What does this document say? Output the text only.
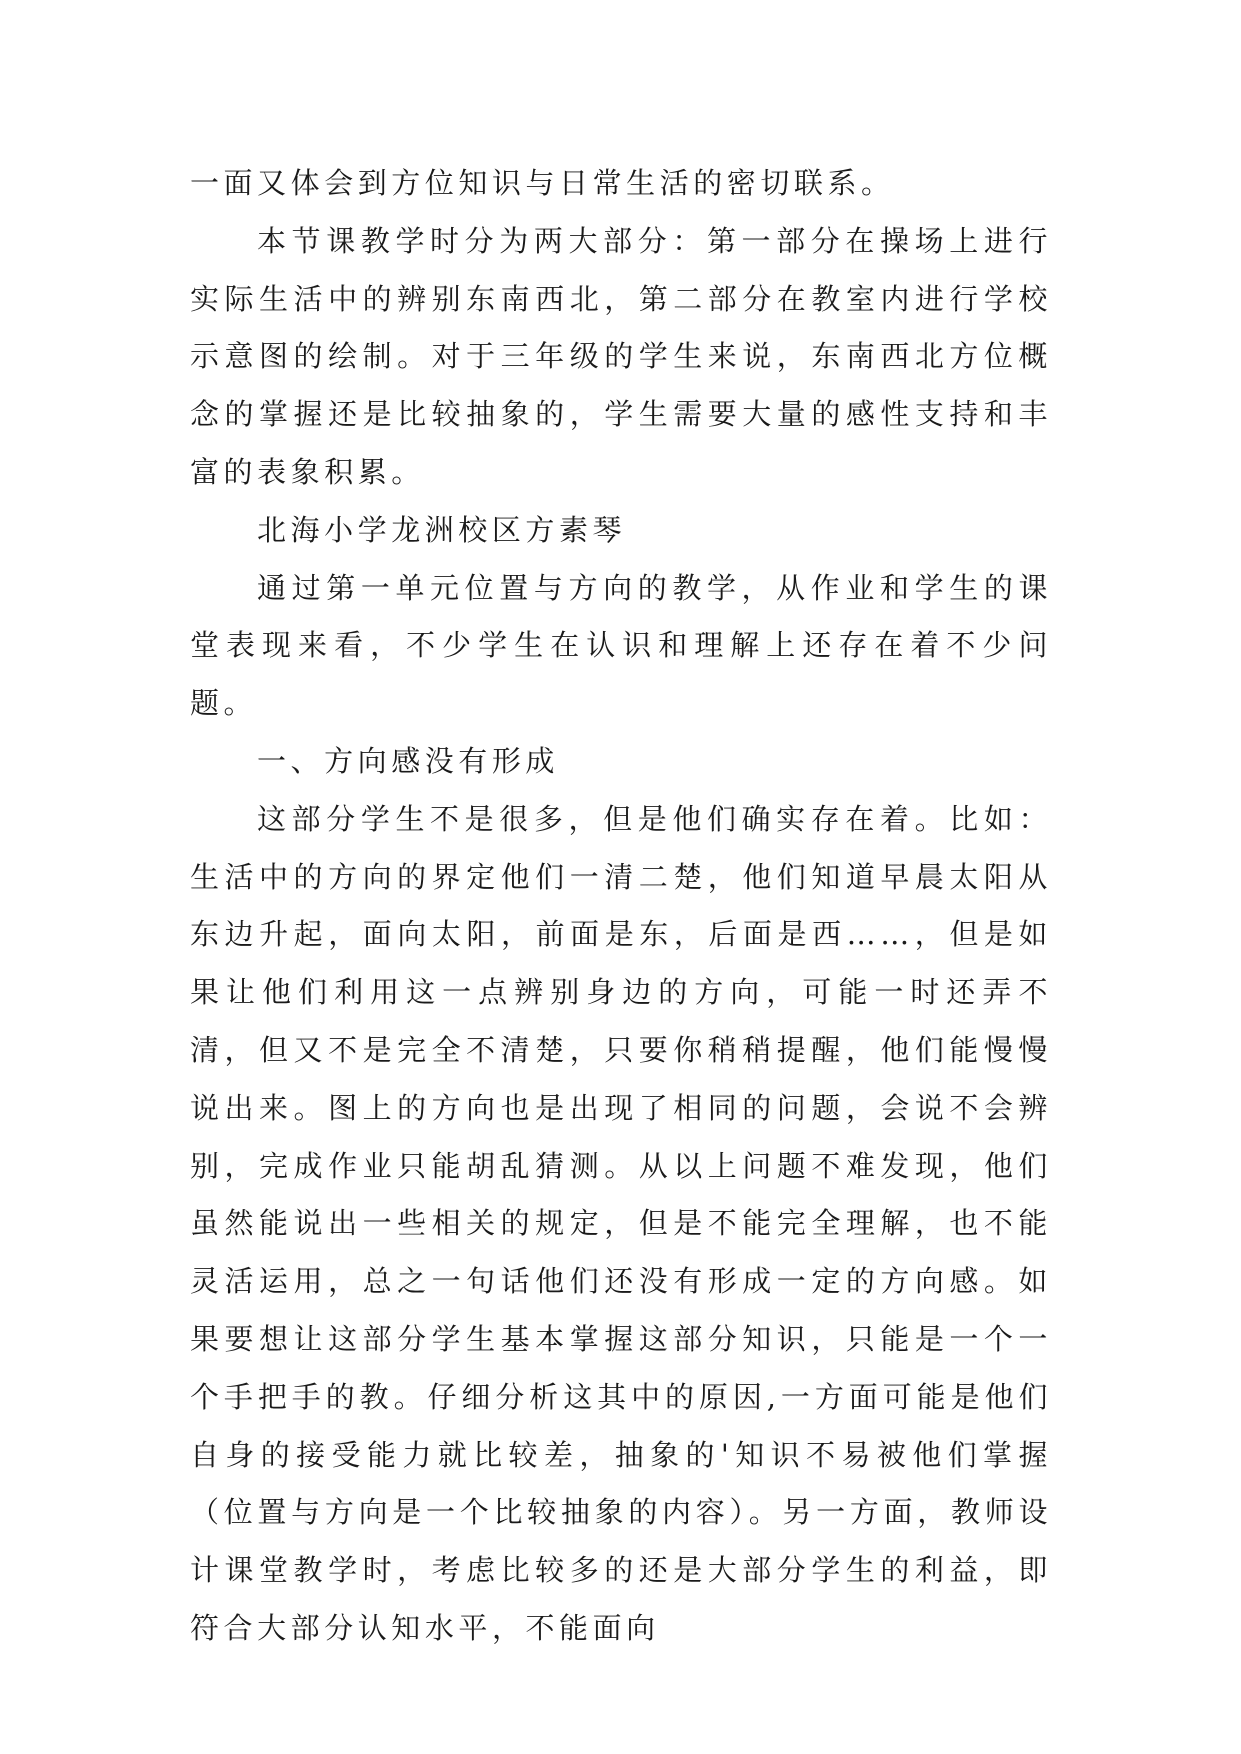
一面又体会到方位知识与日常生活的密切联系。

本节课教学时分为两大部分：第一部分在操场上进行实际生活中的辨别东南西北，第二部分在教室内进行学校示意图的绘制。对于三年级的学生来说，东南西北方位概念的掌握还是比较抽象的，学生需要大量的感性支持和丰富的表象积累。

北海小学龙洲校区方素琴

通过第一单元位置与方向的教学，从作业和学生的课堂表现来看，不少学生在认识和理解上还存在着不少问题。

一、方向感没有形成

这部分学生不是很多，但是他们确实存在着。比如：生活中的方向的界定他们一清二楚，他们知道早晨太阳从东边升起，面向太阳，前面是东，后面是西……，但是如果让他们利用这一点辨别身边的方向，可能一时还弄不清，但又不是完全不清楚，只要你稍稍提醒，他们能慢慢说出来。图上的方向也是出现了相同的问题，会说不会辨别，完成作业只能胡乱猜测。从以上问题不难发现，他们虽然能说出一些相关的规定，但是不能完全理解，也不能灵活运用，总之一句话他们还没有形成一定的方向感。如果要想让这部分学生基本掌握这部分知识，只能是一个一个手把手的教。仔细分析这其中的原因,一方面可能是他们自身的接受能力就比较差，抽象的'知识不易被他们掌握（位置与方向是一个比较抽象的内容）。另一方面，教师设计课堂教学时，考虑比较多的还是大部分学生的利益，即符合大部分认知水平，不能面向
